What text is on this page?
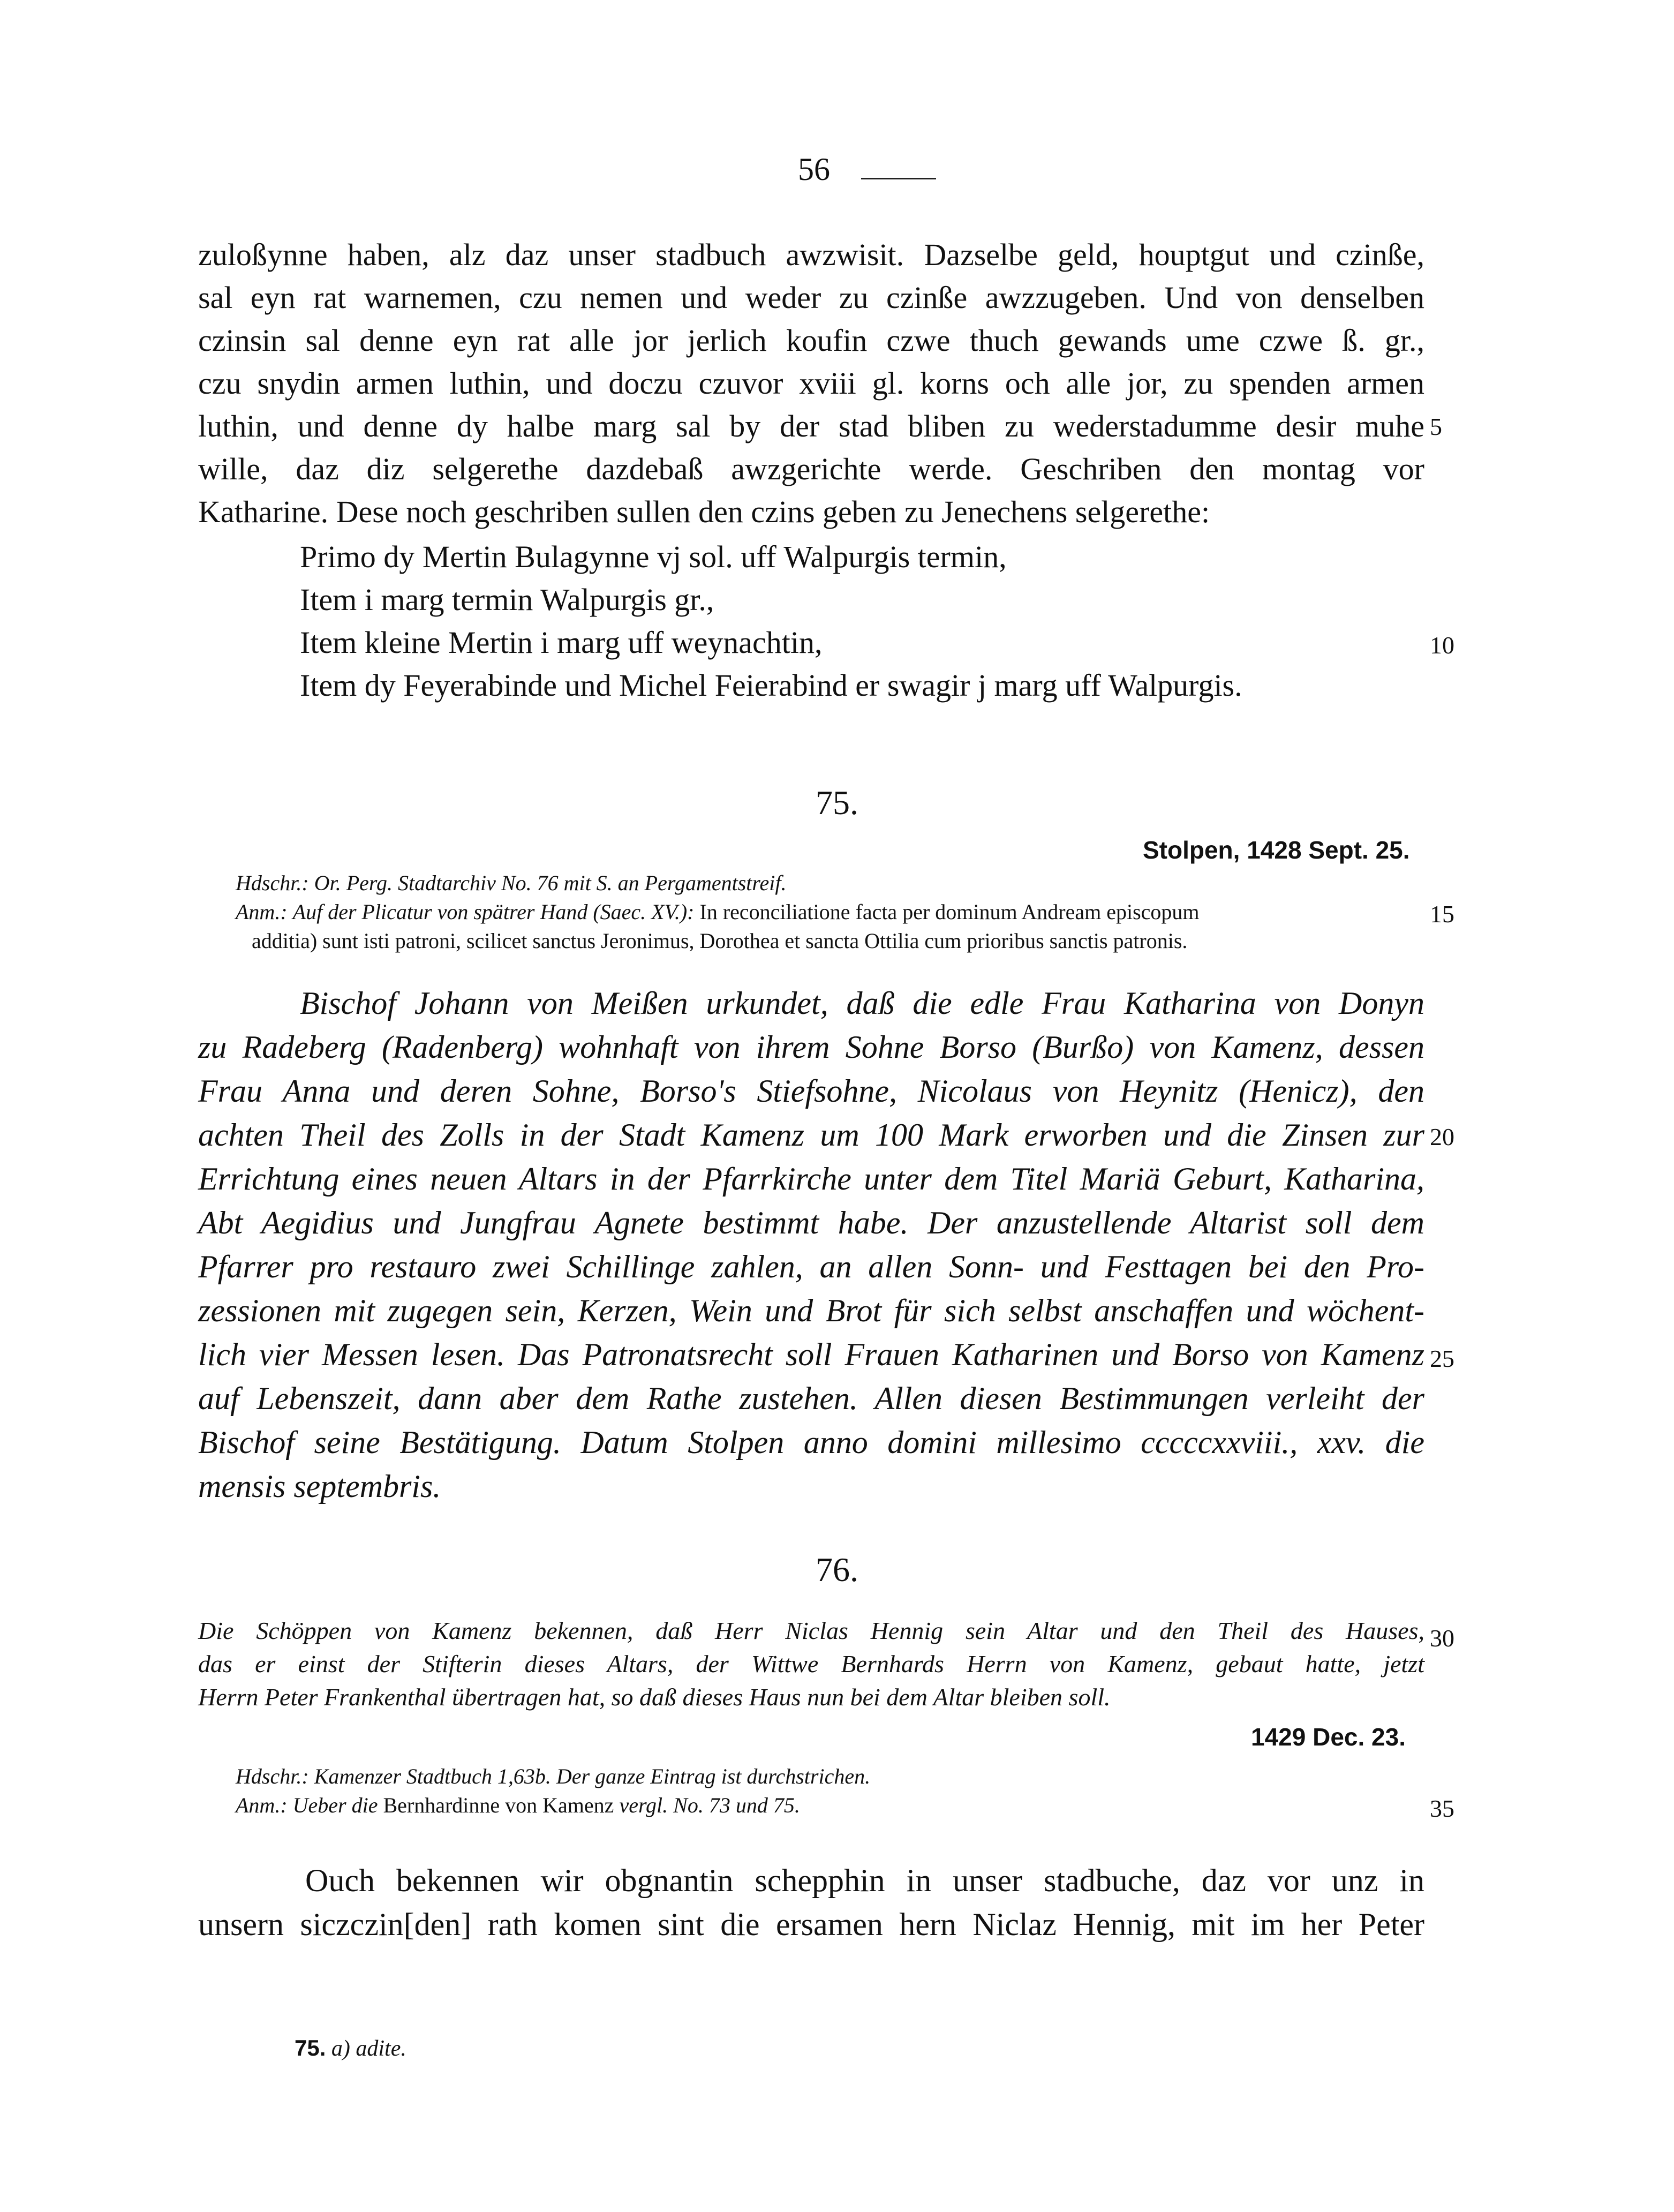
56
zuloßynne haben, alz daz unser stadbuch awzwisit. Dazselbe geld, houptgut und czinße,
sal eyn rat warnemen, czu nemen und weder zu czinße awzzugeben. Und von denselben
czinsin sal denne eyn rat alle jor jerlich koufin czwe thuch gewands ume czwe ß. gr.,
czu snydin armen luthin, und doczu czuvor xviii gl. korns och alle jor, zu spenden armen
luthin, und denne dy halbe marg sal by der stad bliben zu wederstadumme desir muhe
wille, daz diz selgerethe dazdebaß awzgerichte werde. Geschriben den montag vor
Katharine. Dese noch geschriben sullen den czins geben zu Jenechens selgerethe:
5
Primo dy Mertin Bulagynne vj sol. uff Walpurgis termin,
Item i marg termin Walpurgis gr.,
Item kleine Mertin i marg uff weynachtin,
Item dy Feyerabinde und Michel Feierabind er swagir j marg uff Walpurgis.
10
75.
Stolpen, 1428 Sept. 25.
Hdschr.: Or. Perg. Stadtarchiv No. 76 mit S. an Pergamentstreif.
Anm.: Auf der Plicatur von spätrer Hand (Saec. XV.): In reconciliatione facta per dominum Andream episcopum	15
additia) sunt isti patroni, scilicet sanctus Jeronimus, Dorothea et sancta Ottilia cum prioribus sanctis patronis.
Bischof Johann von Meißen urkundet, daß die edle Frau Katharina von Donyn
zu Radeberg (Radenberg) wohnhaft von ihrem Sohne Borso (Burßo) von Kamenz, dessen
Frau Anna und deren Sohne, Borso's Stiefsohne, Nicolaus von Heynitz (Henicz), den
achten Theil des Zolls in der Stadt Kamenz um 100 Mark erworben und die Zinsen zur
Errichtung eines neuen Altars in der Pfarrkirche unter dem Titel Mariä Geburt, Katharina,
Abt Aegidius und Jungfrau Agnete bestimmt habe. Der anzustellende Altarist soll dem
Pfarrer pro restauro zwei Schillinge zahlen, an allen Sonn- und Festtagen bei den Pro-
zessionen mit zugegen sein, Kerzen, Wein und Brot für sich selbst anschaffen und wöchent-
lich vier Messen lesen. Das Patronatsrecht soll Frauen Katharinen und Borso von Kamenz
auf Lebenszeit, dann aber dem Rathe zustehen. Allen diesen Bestimmungen verleiht der
Bischof seine Bestätigung. Datum Stolpen anno domini millesimo cccccxxviii., xxv. die
mensis septembris.
20
25
76.
Die Schöppen von Kamenz bekennen, daß Herr Niclas Hennig sein Altar und den Theil des Hauses,
das er einst der Stifterin dieses Altars, der Wittwe Bernhards Herrn von Kamenz, gebaut hatte, jetzt
Herrn Peter Frankenthal übertragen hat, so daß dieses Haus nun bei dem Altar bleiben soll.
30
1429 Dec. 23.
Hdschr.: Kamenzer Stadtbuch 1,63b. Der ganze Eintrag ist durchstrichen.
Anm.: Ueber die Bernhardinne von Kamenz vergl. No. 73 und 75.	35
Ouch bekennen wir obgnantin schepphin in unser stadbuche, daz vor unz in
unsern siczczin[den] rath komen sint die ersamen hern Niclaz Hennig, mit im her Peter
75. a) adite.
